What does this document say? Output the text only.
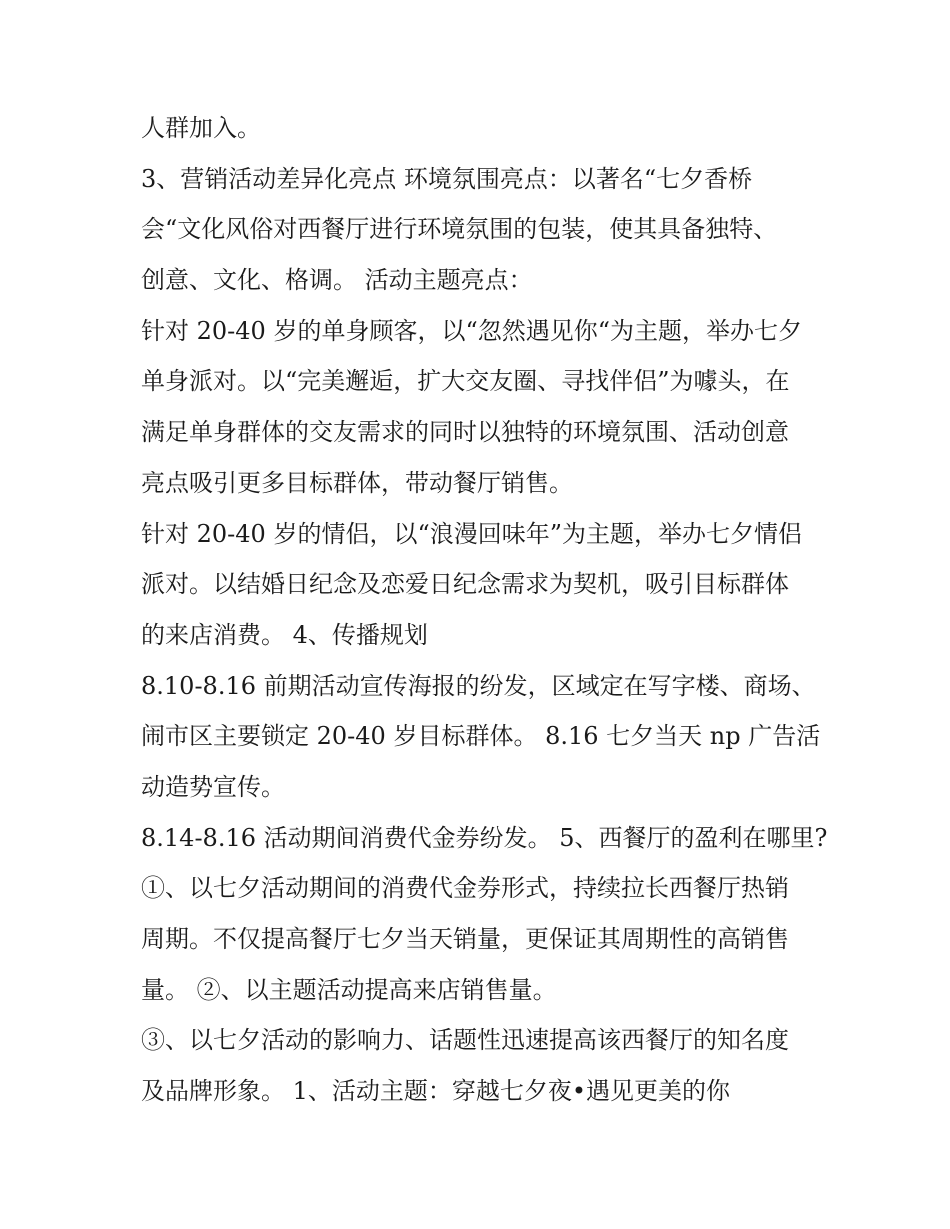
人群加入。
3、营销活动差异化亮点 环境氛围亮点：以著名“七夕香桥
会“文化风俗对西餐厅进行环境氛围的包装，使其具备独特、
创意、文化、格调。 活动主题亮点：
针对 20-40 岁的单身顾客，以“忽然遇见你“为主题，举办七夕
单身派对。以“完美邂逅，扩大交友圈、寻找伴侣”为噱头，在
满足单身群体的交友需求的同时以独特的环境氛围、活动创意
亮点吸引更多目标群体，带动餐厅销售。
针对 20-40 岁的情侣，以“浪漫回味年”为主题，举办七夕情侣
派对。以结婚日纪念及恋爱日纪念需求为契机，吸引目标群体
的来店消费。 4、传播规划
8.10-8.16 前期活动宣传海报的纷发，区域定在写字楼、商场、
闹市区主要锁定 20-40 岁目标群体。 8.16 七夕当天 np 广告活
动造势宣传。
8.14-8.16 活动期间消费代金券纷发。 5、西餐厅的盈利在哪里?
①、以七夕活动期间的消费代金券形式，持续拉长西餐厅热销
周期。不仅提高餐厅七夕当天销量，更保证其周期性的高销售
量。 ②、以主题活动提高来店销售量。
③、以七夕活动的影响力、话题性迅速提高该西餐厅的知名度
及品牌形象。 1、活动主题：穿越七夕夜•遇见更美的你
